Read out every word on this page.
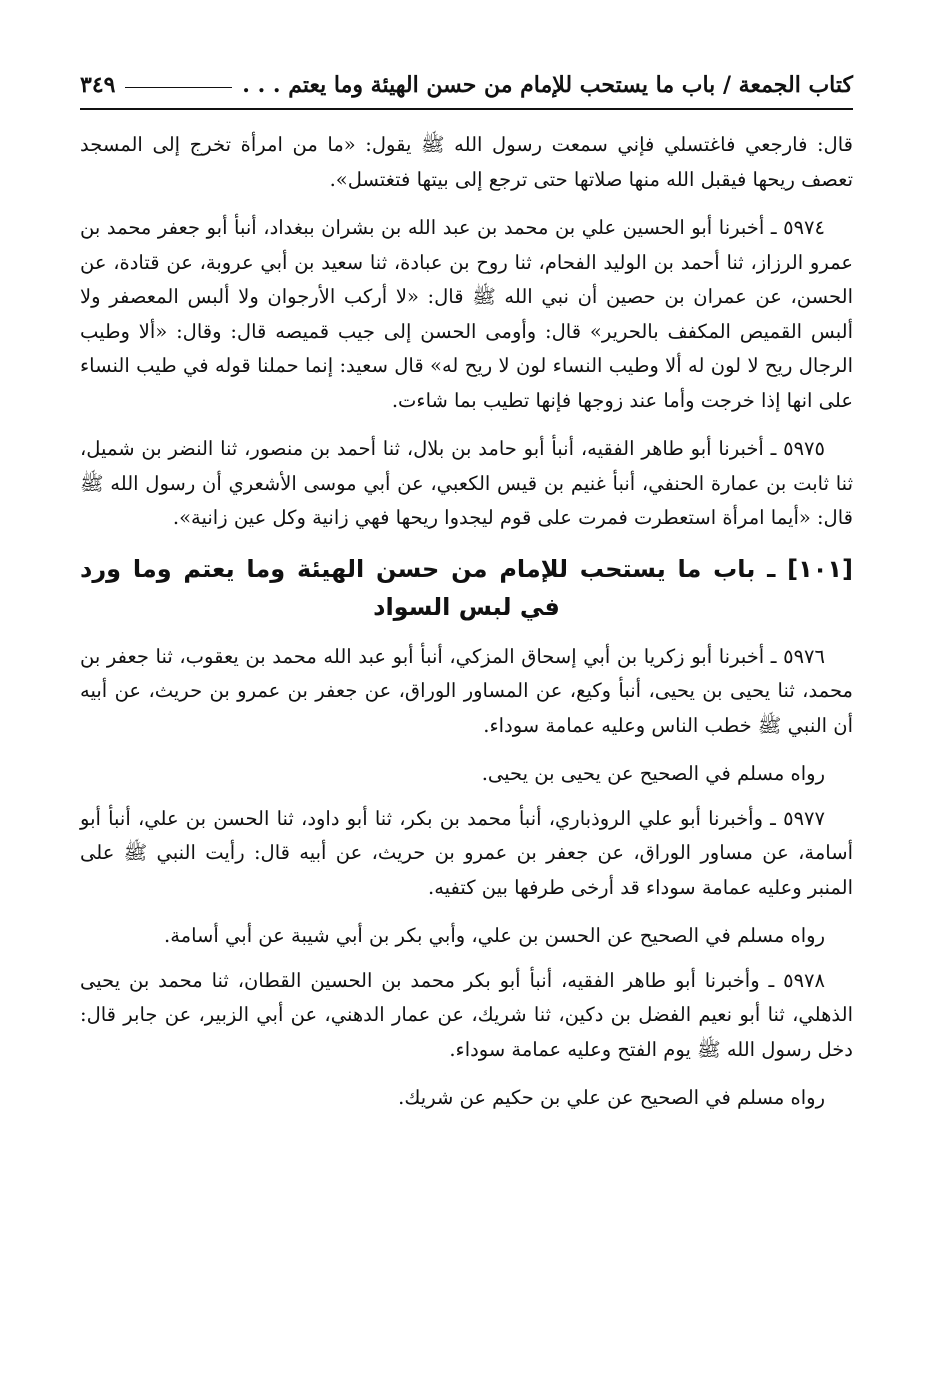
كتاب الجمعة / باب ما يستحب للإمام من حسن الهيئة وما يعتم . . .
٣٤٩

قال: فارجعي فاغتسلي فإني سمعت رسول الله ﷺ يقول: «ما من امرأة تخرج إلى المسجد تعصف ريحها فيقبل الله منها صلاتها حتى ترجع إلى بيتها فتغتسل».

٥٩٧٤ ـ أخبرنا أبو الحسين علي بن محمد بن عبد الله بن بشران ببغداد، أنبأ أبو جعفر محمد بن عمرو الرزاز، ثنا أحمد بن الوليد الفحام، ثنا روح بن عبادة، ثنا سعيد بن أبي عروبة، عن قتادة، عن الحسن، عن عمران بن حصين أن نبي الله ﷺ قال: «لا أركب الأرجوان ولا ألبس المعصفر ولا ألبس القميص المكفف بالحرير» قال: وأومى الحسن إلى جيب قميصه قال: وقال: «ألا وطيب الرجال ريح لا لون له ألا وطيب النساء لون لا ريح له» قال سعيد: إنما حملنا قوله في طيب النساء على انها إذا خرجت وأما عند زوجها فإنها تطيب بما شاءت.

٥٩٧٥ ـ أخبرنا أبو طاهر الفقيه، أنبأ أبو حامد بن بلال، ثنا أحمد بن منصور، ثنا النضر بن شميل، ثنا ثابت بن عمارة الحنفي، أنبأ غنيم بن قيس الكعبي، عن أبي موسى الأشعري أن رسول الله ﷺ قال: «أيما امرأة استعطرت فمرت على قوم ليجدوا ريحها فهي زانية وكل عين زانية».

[١٠١] ـ باب ما يستحب للإمام من حسن الهيئة وما يعتم وما ورد في لبس السواد

٥٩٧٦ ـ أخبرنا أبو زكريا بن أبي إسحاق المزكي، أنبأ أبو عبد الله محمد بن يعقوب، ثنا جعفر بن محمد، ثنا يحيى بن يحيى، أنبأ وكيع، عن المساور الوراق، عن جعفر بن عمرو بن حريث، عن أبيه أن النبي ﷺ خطب الناس وعليه عمامة سوداء.

رواه مسلم في الصحيح عن يحيى بن يحيى.

٥٩٧٧ ـ وأخبرنا أبو علي الروذباري، أنبأ محمد بن بكر، ثنا أبو داود، ثنا الحسن بن علي، أنبأ أبو أسامة، عن مساور الوراق، عن جعفر بن عمرو بن حريث، عن أبيه قال: رأيت النبي ﷺ على المنبر وعليه عمامة سوداء قد أرخى طرفها بين كتفيه.

رواه مسلم في الصحيح عن الحسن بن علي، وأبي بكر بن أبي شيبة عن أبي أسامة.

٥٩٧٨ ـ وأخبرنا أبو طاهر الفقيه، أنبأ أبو بكر محمد بن الحسين القطان، ثنا محمد بن يحيى الذهلي، ثنا أبو نعيم الفضل بن دكين، ثنا شريك، عن عمار الدهني، عن أبي الزبير، عن جابر قال: دخل رسول الله ﷺ يوم الفتح وعليه عمامة سوداء.

رواه مسلم في الصحيح عن علي بن حكيم عن شريك.
